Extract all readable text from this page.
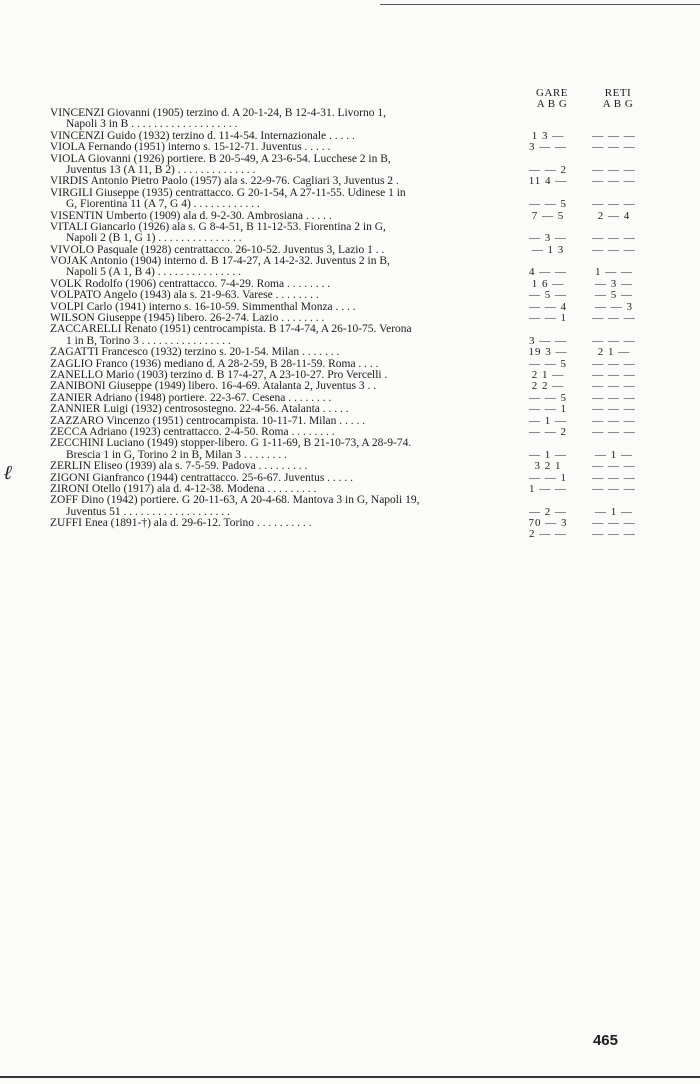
GARE
A B G
RETI
A B G
VINCENZI Giovanni (1905) terzino d. A 20-1-24, B 12-4-31. Livorno 1,
Napoli 3 in B . . . . . . . . . . . . . . . . . . .
VINCENZI Guido (1932) terzino d. 11-4-54. Internazionale . . . . .	1 3 —	— — —
VIOLA Fernando (1951) interno s. 15-12-71. Juventus . . . . .	3 — —	— — —
VIOLA Giovanni (1926) portiere. B 20-5-49, A 23-6-54. Lucchese 2 in B,
Juventus 13 (A 11, B 2) . . . . . . . . . . . . . .	— — 2	— — —
VIRDIS Antonio Pietro Paolo (1957) ala s. 22-9-76. Cagliari 3, Juventus 2 .	11 4 —	— — —
VIRGILI Giuseppe (1935) centrattacco. G 20-1-54, A 27-11-55. Udinese 1 in
G, Fiorentina 11 (A 7, G 4) . . . . . . . . . . . .	— — 5	— — —
VISENTIN Umberto (1909) ala d. 9-2-30. Ambrosiana . . . . .	7 — 5	2 — 4
VITALI Giancarlo (1926) ala s. G 8-4-51, B 11-12-53. Fiorentina 2 in G,
Napoli 2 (B 1, G 1) . . . . . . . . . . . . . . .	— 3 —	— — —
VIVOLO Pasquale (1928) centrattacco. 26-10-52. Juventus 3, Lazio 1 . .	— 1 3	— — —
VOJAK Antonio (1904) interno d. B 17-4-27, A 14-2-32. Juventus 2 in B,
Napoli 5 (A 1, B 4) . . . . . . . . . . . . . . .	4 — —	1 — —
VOLK Rodolfo (1906) centrattacco. 7-4-29. Roma . . . . . . . .	1 6 —	— 3 —
VOLPATO Angelo (1943) ala s. 21-9-63. Varese . . . . . . . .	— 5 —	— 5 —
VOLPI Carlo (1941) interno s. 16-10-59. Simmenthal Monza . . . .	— — 4	— — 3
WILSON Giuseppe (1945) libero. 26-2-74. Lazio . . . . . . . .	— — 1	— — —
ZACCARELLI Renato (1951) centrocampista. B 17-4-74, A 26-10-75. Verona
1 in B, Torino 3 . . . . . . . . . . . . . . . .	3 — —	— — —
ZAGATTI Francesco (1932) terzino s. 20-1-54. Milan . . . . . . .	19 3 —	2 1 —
ZAGLIO Franco (1936) mediano d. A 28-2-59, B 28-11-59. Roma . . . .	— — 5	— — —
ZANELLO Mario (1903) terzino d. B 17-4-27, A 23-10-27. Pro Vercelli .	2 1 —	— — —
ZANIBONI Giuseppe (1949) libero. 16-4-69. Atalanta 2, Juventus 3 . .	2 2 —	— — —
ZANIER Adriano (1948) portiere. 22-3-67. Cesena . . . . . . . .	— — 5	— — —
ZANNIER Luigi (1932) centrosostegno. 22-4-56. Atalanta . . . . .	— — 1	— — —
ZAZZARO Vincenzo (1951) centrocampista. 10-11-71. Milan . . . . .	— 1 —	— — —
ZECCA Adriano (1923) centrattacco. 2-4-50. Roma . . . . . . . .	— — 2	— — —
ZECCHINI Luciano (1949) stopper-libero. G 1-11-69, B 21-10-73, A 28-9-74.
Brescia 1 in G, Torino 2 in B, Milan 3 . . . . . . . .	— 1 —	— 1 —
ZERLIN Eliseo (1939) ala s. 7-5-59. Padova . . . . . . . . .	3 2 1	— — —
ZIGONI Gianfranco (1944) centrattacco. 25-6-67. Juventus . . . . .	— — 1	— — —
ZIRONI Otello (1917) ala d. 4-12-38. Modena . . . . . . . . .	1 — —	— — —
ZOFF Dino (1942) portiere. G 20-11-63, A 20-4-68. Mantova 3 in G, Napoli 19,
Juventus 51 . . . . . . . . . . . . . . . . . . .	— 2 —	— 1 —
ZUFFI Enea (1891-†) ala d. 29-6-12. Torino . . . . . . . . . .	70 — 3	— — —
2 — —	— — —
ℓ
465
